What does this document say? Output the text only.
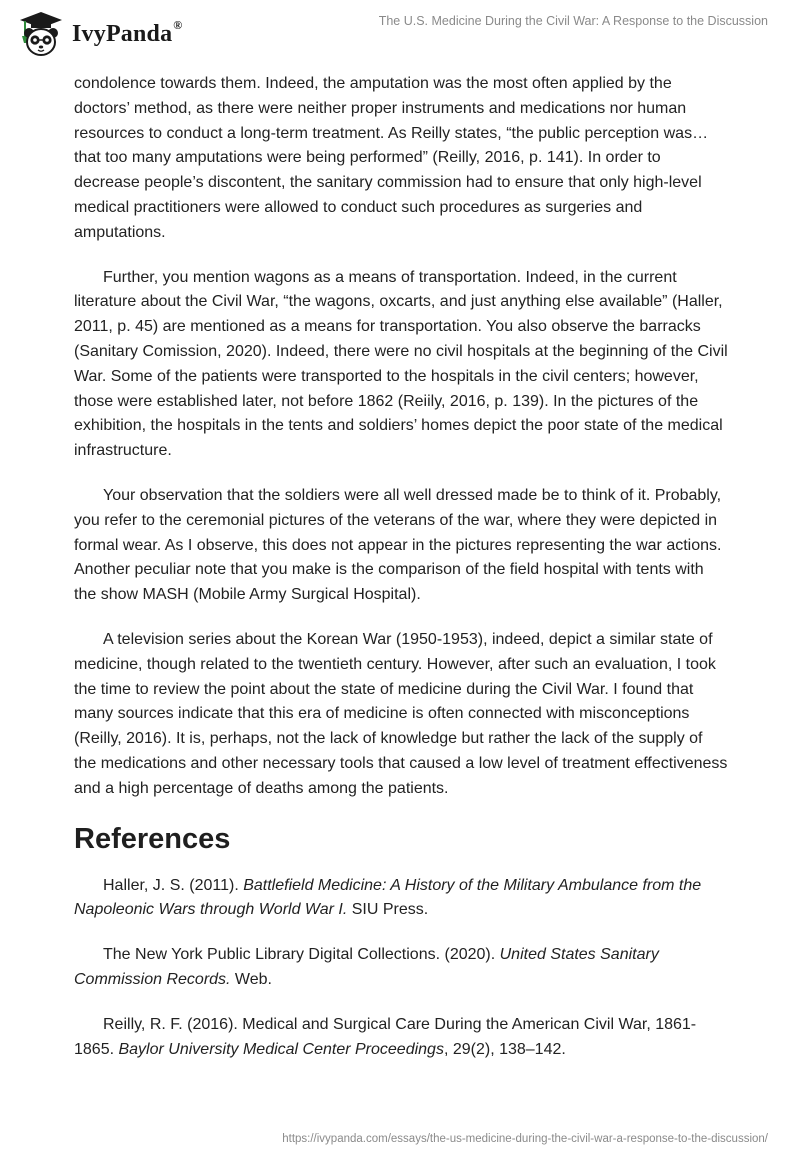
IvyPanda®	The U.S. Medicine During the Civil War: A Response to the Discussion

condolence towards them. Indeed, the amputation was the most often applied by the doctors’ method, as there were neither proper instruments and medications nor human resources to conduct a long-term treatment. As Reilly states, “the public perception was… that too many amputations were being performed” (Reilly, 2016, p. 141). In order to decrease people’s discontent, the sanitary commission had to ensure that only high-level medical practitioners were allowed to conduct such procedures as surgeries and amputations.

Further, you mention wagons as a means of transportation. Indeed, in the current literature about the Civil War, “the wagons, oxcarts, and just anything else available” (Haller, 2011, p. 45) are mentioned as a means for transportation. You also observe the barracks (Sanitary Comission, 2020). Indeed, there were no civil hospitals at the beginning of the Civil War. Some of the patients were transported to the hospitals in the civil centers; however, those were established later, not before 1862 (Reiily, 2016, p. 139). In the pictures of the exhibition, the hospitals in the tents and soldiers’ homes depict the poor state of the medical infrastructure.

Your observation that the soldiers were all well dressed made be to think of it. Probably, you refer to the ceremonial pictures of the veterans of the war, where they were depicted in formal wear. As I observe, this does not appear in the pictures representing the war actions. Another peculiar note that you make is the comparison of the field hospital with tents with the show MASH (Mobile Army Surgical Hospital).

A television series about the Korean War (1950-1953), indeed, depict a similar state of medicine, though related to the twentieth century. However, after such an evaluation, I took the time to review the point about the state of medicine during the Civil War. I found that many sources indicate that this era of medicine is often connected with misconceptions (Reilly, 2016). It is, perhaps, not the lack of knowledge but rather the lack of the supply of the medications and other necessary tools that caused a low level of treatment effectiveness and a high percentage of deaths among the patients.

References

Haller, J. S. (2011). Battlefield Medicine: A History of the Military Ambulance from the Napoleonic Wars through World War I. SIU Press.

The New York Public Library Digital Collections. (2020). United States Sanitary Commission Records. Web.

Reilly, R. F. (2016). Medical and Surgical Care During the American Civil War, 1861-1865. Baylor University Medical Center Proceedings, 29(2), 138–142.

https://ivypanda.com/essays/the-us-medicine-during-the-civil-war-a-response-to-the-discussion/
